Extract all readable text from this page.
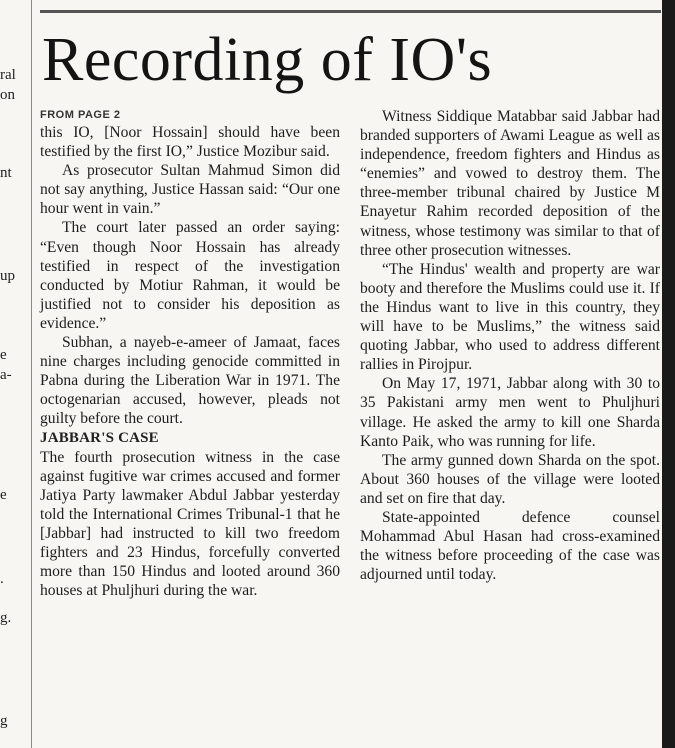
ral
on
nt
up
e
a-
e
.
g.
g
Recording of IO's
FROM PAGE 2

this IO, [Noor Hossain] should have been testified by the first IO,” Justice Mozibur said.

As prosecutor Sultan Mahmud Simon did not say anything, Justice Hassan said: “Our one hour went in vain.”

The court later passed an order saying: “Even though Noor Hossain has already testified in respect of the investigation conducted by Motiur Rahman, it would be justified not to consider his deposition as evidence.”

Subhan, a nayeb-e-ameer of Jamaat, faces nine charges including genocide committed in Pabna during the Liberation War in 1971. The octogenarian accused, however, pleads not guilty before the court.

JABBAR'S CASE

The fourth prosecution witness in the case against fugitive war crimes accused and former Jatiya Party lawmaker Abdul Jabbar yesterday told the International Crimes Tribunal-1 that he [Jabbar] had instructed to kill two freedom fighters and 23 Hindus, forcefully converted more than 150 Hindus and looted around 360 houses at Phuljhuri during the war.

Witness Siddique Matabbar said Jabbar had branded supporters of Awami League as well as independence, freedom fighters and Hindus as “enemies” and vowed to destroy them. The three-member tribunal chaired by Justice M Enayetur Rahim recorded deposition of the witness, whose testimony was similar to that of three other prosecution witnesses.

“The Hindus' wealth and property are war booty and therefore the Muslims could use it. If the Hindus want to live in this country, they will have to be Muslims,” the witness said quoting Jabbar, who used to address different rallies in Pirojpur.

On May 17, 1971, Jabbar along with 30 to 35 Pakistani army men went to Phuljhuri village. He asked the army to kill one Sharda Kanto Paik, who was running for life.

The army gunned down Sharda on the spot. About 360 houses of the village were looted and set on fire that day.

State-appointed defence counsel Mohammad Abul Hasan had cross-examined the witness before proceeding of the case was adjourned until today.
